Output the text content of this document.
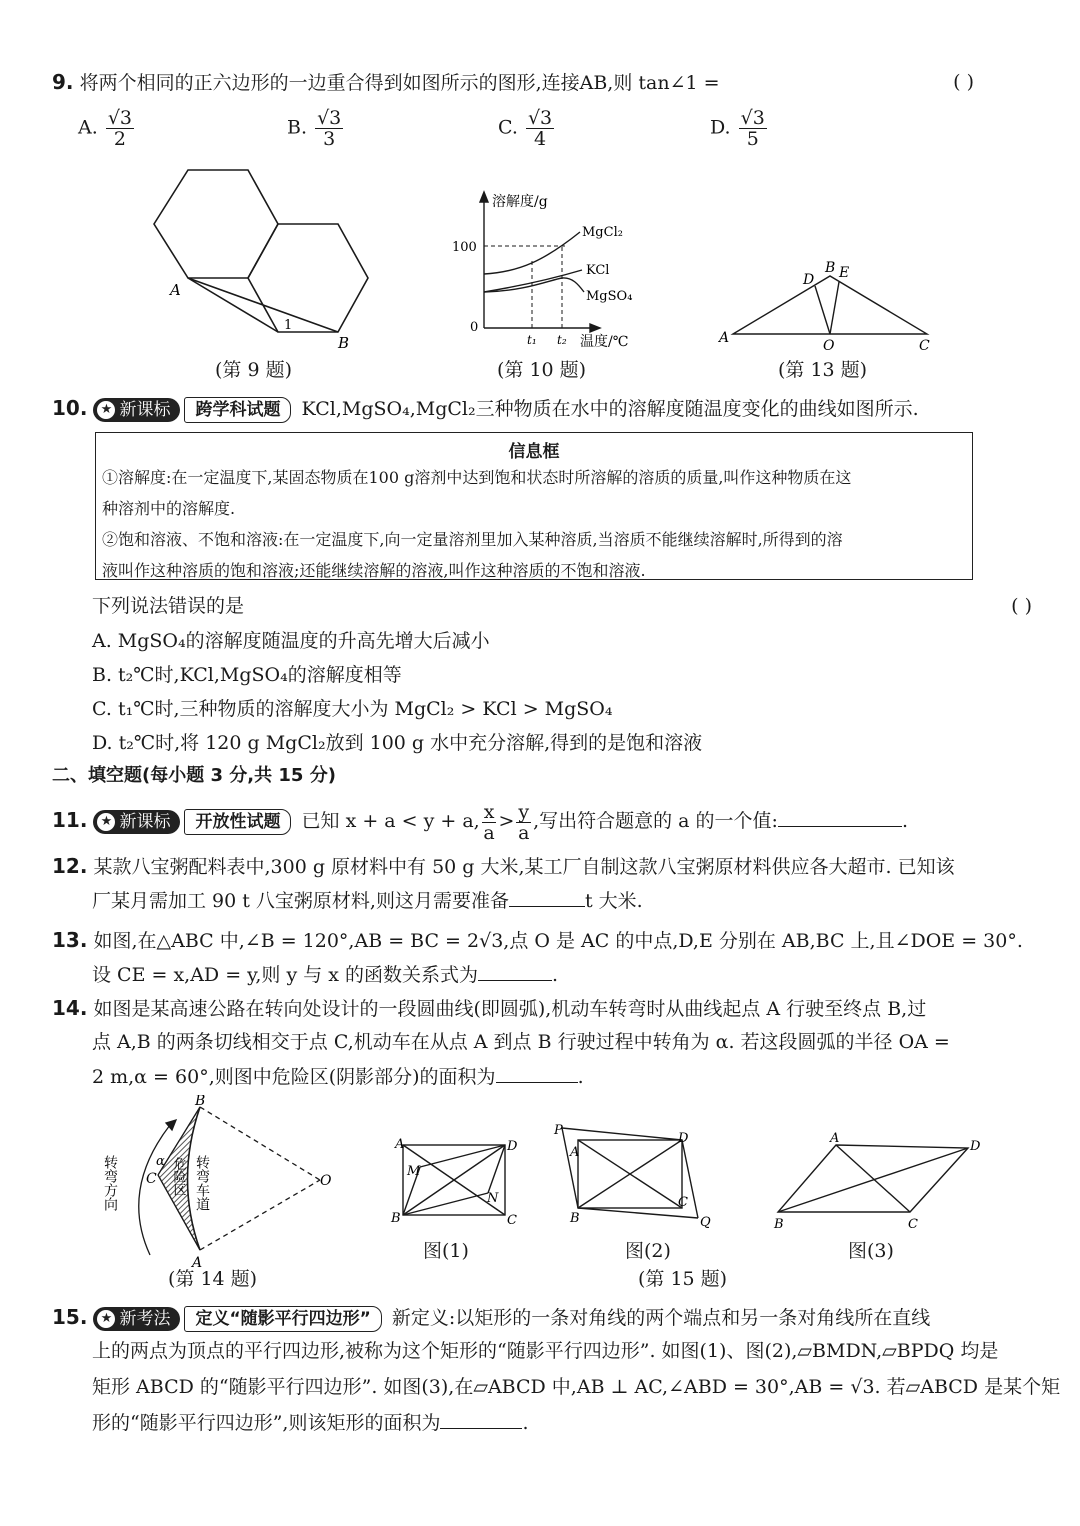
9. 将两个相同的正六边形的一边重合得到如图所示的图形,连接AB,则 tan∠1 =	( )
A. $\frac{√3}{2}$	B. $\frac{√3}{3}$	C. $\frac{√3}{4}$	D. $\frac{√3}{5}$
A
B
1
(第 9 题)
溶解度/g
100
0
t₁ t₂ 温度/℃
MgCl₂
KCl
MgSO₄
(第 10 题)
A	C
O
D
B E
(第 13 题)
10. ★ 新课标 跨学科试题 KCl,MgSO₄,MgCl₂三种物质在水中的溶解度随温度变化的曲线如图所示.
信息框
①溶解度:在一定温度下,某固态物质在100 g溶剂中达到饱和状态时所溶解的溶质的质量,叫作这种物质在这
种溶剂中的溶解度.
②饱和溶液、不饱和溶液:在一定温度下,向一定量溶剂里加入某种溶质,当溶质不能继续溶解时,所得到的溶
液叫作这种溶质的饱和溶液;还能继续溶解的溶液,叫作这种溶质的不饱和溶液.
下列说法错误的是	( )
A. MgSO₄的溶解度随温度的升高先增大后减小
B. t₂℃时,KCl,MgSO₄的溶解度相等
C. t₁℃时,三种物质的溶解度大小为 MgCl₂ > KCl > MgSO₄
D. t₂℃时,将 120 g MgCl₂放到 100 g 水中充分溶解,得到的是饱和溶液
二、填空题(每小题 3 分,共 15 分)
11. ★ 新课标 开放性试题 已知 x + a < y + a, $\frac{x}{a} > \frac{y}{a}$ ,写出符合题意的 a 的一个值:	.
12. 某款八宝粥配料表中,300 g 原材料中有 50 g 大米,某工厂自制这款八宝粥原材料供应各大超市. 已知该
厂某月需加工 90 t 八宝粥原材料,则这月需要准备	t 大米.
13. 如图,在△ABC 中,∠B = 120°,AB = BC = 2√3,点 O 是 AC 的中点,D,E 分别在 AB,BC 上,且∠DOE = 30°.
设 CE = x,AD = y,则 y 与 x 的函数关系式为	.
14. 如图是某高速公路在转向处设计的一段圆曲线(即圆弧),机动车转弯时从曲线起点 A 行驶至终点 B,过
点 A,B 的两条切线相交于点 C,机动车在从点 A 到点 B 行驶过程中转角为 α. 若这段圆弧的半径 OA =
2 m,α = 60°,则图中危险区(阴影部分)的面积为	.
B
A
C	O
α
转弯方向	危险区 转弯车道
(第 14 题)
A	D
B	C
M
N
图(1)
P
A
D
B
C
Q
图(2)
A
D
B	C
图(3)
(第 15 题)
15. ★ 新考法 定义“随影平行四边形” 新定义:以矩形的一条对角线的两个端点和另一条对角线所在直线
上的两点为顶点的平行四边形,被称为这个矩形的“随影平行四边形”. 如图(1)、图(2),▱BMDN,▱BPDQ 均是
矩形 ABCD 的“随影平行四边形”. 如图(3),在▱ABCD 中,AB ⊥ AC,∠ABD = 30°,AB = √3. 若▱ABCD 是某个矩
形的“随影平行四边形”,则该矩形的面积为	.
